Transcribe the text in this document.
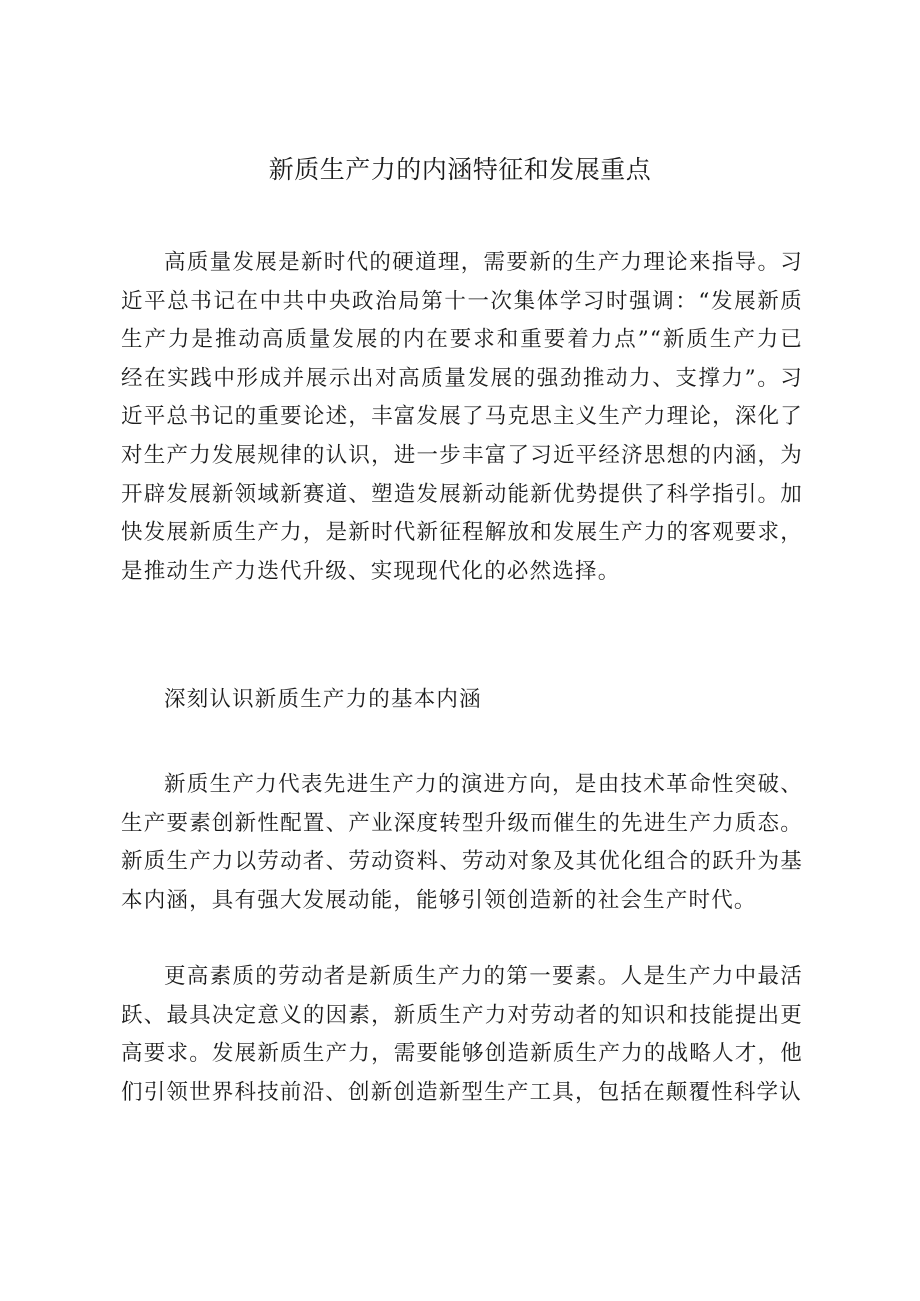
新质生产力的内涵特征和发展重点

高质量发展是新时代的硬道理，需要新的生产力理论来指导。习近平总书记在中共中央政治局第十一次集体学习时强调：“发展新质生产力是推动高质量发展的内在要求和重要着力点”“新质生产力已经在实践中形成并展示出对高质量发展的强劲推动力、支撑力”。习近平总书记的重要论述，丰富发展了马克思主义生产力理论，深化了对生产力发展规律的认识，进一步丰富了习近平经济思想的内涵，为开辟发展新领域新赛道、塑造发展新动能新优势提供了科学指引。加快发展新质生产力，是新时代新征程解放和发展生产力的客观要求，是推动生产力迭代升级、实现现代化的必然选择。

深刻认识新质生产力的基本内涵

新质生产力代表先进生产力的演进方向，是由技术革命性突破、生产要素创新性配置、产业深度转型升级而催生的先进生产力质态。新质生产力以劳动者、劳动资料、劳动对象及其优化组合的跃升为基本内涵，具有强大发展动能，能够引领创造新的社会生产时代。

更高素质的劳动者是新质生产力的第一要素。人是生产力中最活跃、最具决定意义的因素，新质生产力对劳动者的知识和技能提出更高要求。发展新质生产力，需要能够创造新质生产力的战略人才，他们引领世界科技前沿、创新创造新型生产工具，包括在颠覆性科学认
